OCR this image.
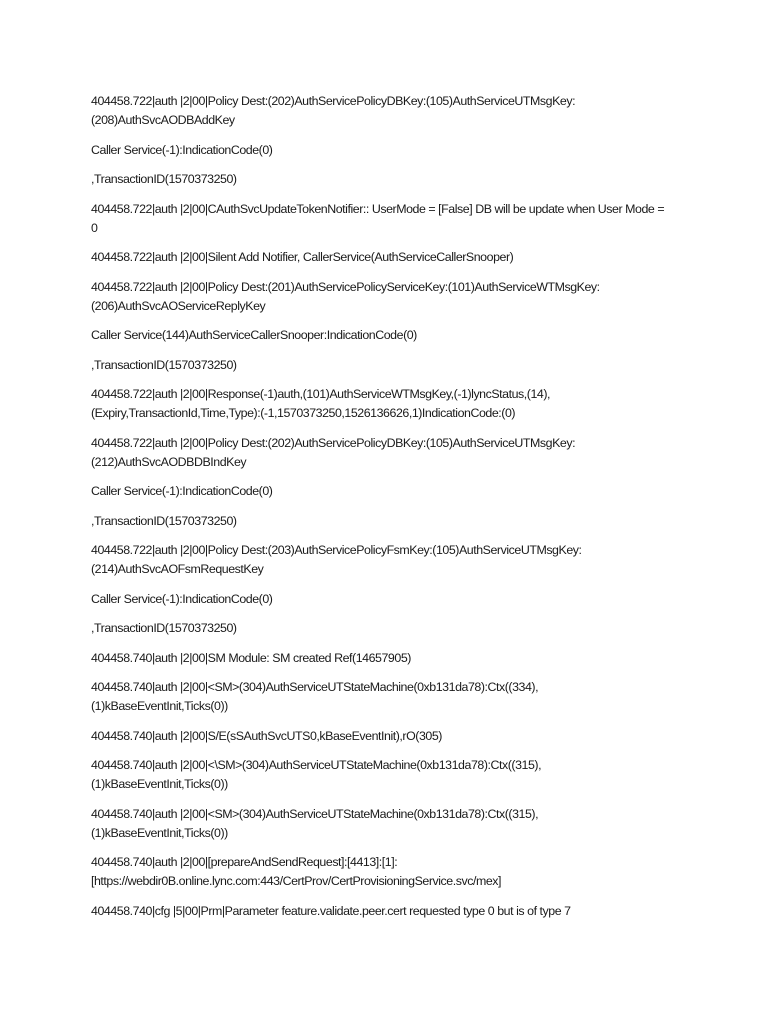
404458.722|auth |2|00|Policy Dest:(202)AuthServicePolicyDBKey:(105)AuthServiceUTMsgKey:(208)AuthSvcAODBAddKey

Caller Service(-1):IndicationCode(0)

,TransactionID(1570373250)

404458.722|auth |2|00|CAuthSvcUpdateTokenNotifier:: UserMode = [False] DB will be update when User Mode = 0

404458.722|auth |2|00|Silent Add Notifier, CallerService(AuthServiceCallerSnooper)

404458.722|auth |2|00|Policy Dest:(201)AuthServicePolicyServiceKey:(101)AuthServiceWTMsgKey:(206)AuthSvcAOServiceReplyKey

Caller Service(144)AuthServiceCallerSnooper:IndicationCode(0)

,TransactionID(1570373250)

404458.722|auth |2|00|Response(-1)auth,(101)AuthServiceWTMsgKey,(-1)lyncStatus,(14),(Expiry,TransactionId,Time,Type):(-1,1570373250,1526136626,1)IndicationCode:(0)

404458.722|auth |2|00|Policy Dest:(202)AuthServicePolicyDBKey:(105)AuthServiceUTMsgKey:(212)AuthSvcAODBDBIndKey

Caller Service(-1):IndicationCode(0)

,TransactionID(1570373250)

404458.722|auth |2|00|Policy Dest:(203)AuthServicePolicyFsmKey:(105)AuthServiceUTMsgKey:(214)AuthSvcAOFsmRequestKey

Caller Service(-1):IndicationCode(0)

,TransactionID(1570373250)

404458.740|auth |2|00|SM Module: SM created Ref(14657905)

404458.740|auth |2|00|<SM>(304)AuthServiceUTStateMachine(0xb131da78):Ctx((334),(1)kBaseEventInit,Ticks(0))

404458.740|auth |2|00|S/E(sSAuthSvcUTS0,kBaseEventInit),rO(305)

404458.740|auth |2|00|<\SM>(304)AuthServiceUTStateMachine(0xb131da78):Ctx((315),(1)kBaseEventInit,Ticks(0))

404458.740|auth |2|00|<SM>(304)AuthServiceUTStateMachine(0xb131da78):Ctx((315),(1)kBaseEventInit,Ticks(0))

404458.740|auth |2|00|[prepareAndSendRequest]:[4413]:[1]:[https://webdir0B.online.lync.com:443/CertProv/CertProvisioningService.svc/mex]

404458.740|cfg |5|00|Prm|Parameter feature.validate.peer.cert requested type 0 but is of type 7
